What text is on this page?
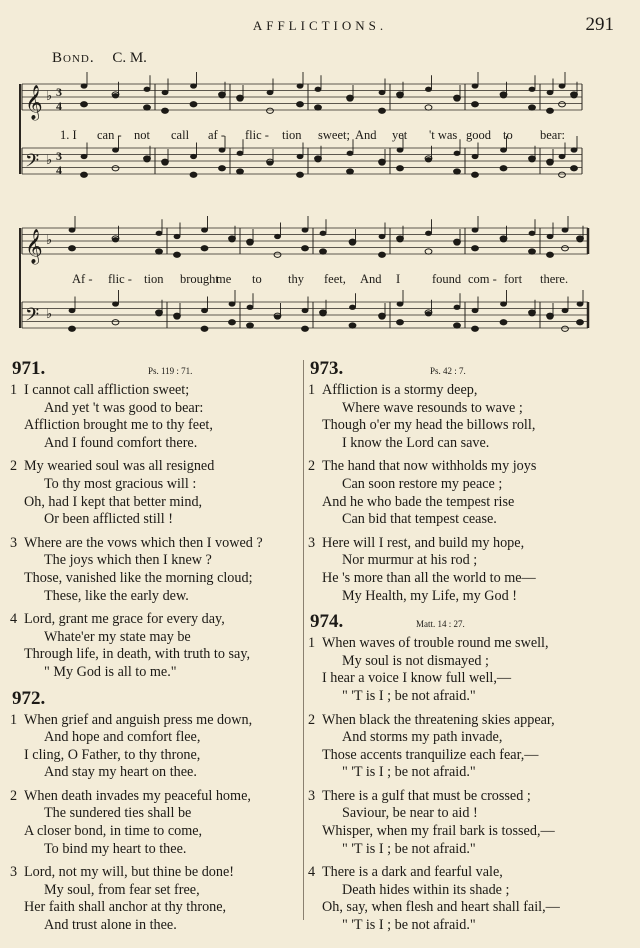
AFFLICTIONS.	291
Bond. C. M.
𝄞 ♭ 3
4
𝄢 ♭ 3
4
𝄞 ♭
𝄢 ♭
1. I can - not call af - flic - tion sweet; And yet 't was good to bear:
Af - flic - tion brought
me to thy feet, And I	found com - fort there.
971.	Ps. 119 : 71.
1 I cannot call affliction sweet;
And yet 't was good to bear:
Affliction brought me to thy feet,
And I found comfort there.
2 My wearied soul was all resigned
To thy most gracious will :
Oh, had I kept that better mind,
Or been afflicted still !
3 Where are the vows which then I vowed ?
The joys which then I knew ?
Those, vanished like the morning cloud;
These, like the early dew.
4 Lord, grant me grace for every day,
Whate'er my state may be
Through life, in death, with truth to say,
" My God is all to me."
972.
1 When grief and anguish press me down,
And hope and comfort flee,
I cling, O Father, to thy throne,
And stay my heart on thee.
2 When death invades my peaceful home,
The sundered ties shall be
A closer bond, in time to come,
To bind my heart to thee.
3 Lord, not my will, but thine be done!
My soul, from fear set free,
Her faith shall anchor at thy throne,
And trust alone in thee.
973.	Ps. 42 : 7.
1 Affliction is a stormy deep,
Where wave resounds to wave ;
Though o'er my head the billows roll,
I know the Lord can save.
2 The hand that now withholds my joys
Can soon restore my peace ;
And he who bade the tempest rise
Can bid that tempest cease.
3 Here will I rest, and build my hope,
Nor murmur at his rod ;
He 's more than all the world to me—
My Health, my Life, my God !
974.	Matt. 14 : 27.
1 When waves of trouble round me swell,
My soul is not dismayed ;
I hear a voice I know full well,—
" 'T is I ; be not afraid."
2 When black the threatening skies appear,
And storms my path invade,
Those accents tranquilize each fear,—
" 'T is I ; be not afraid."
3 There is a gulf that must be crossed ;
Saviour, be near to aid !
Whisper, when my frail bark is tossed,—
" 'T is I ; be not afraid."
4 There is a dark and fearful vale,
Death hides within its shade ;
Oh, say, when flesh and heart shall fail,—
" 'T is I ; be not afraid."
